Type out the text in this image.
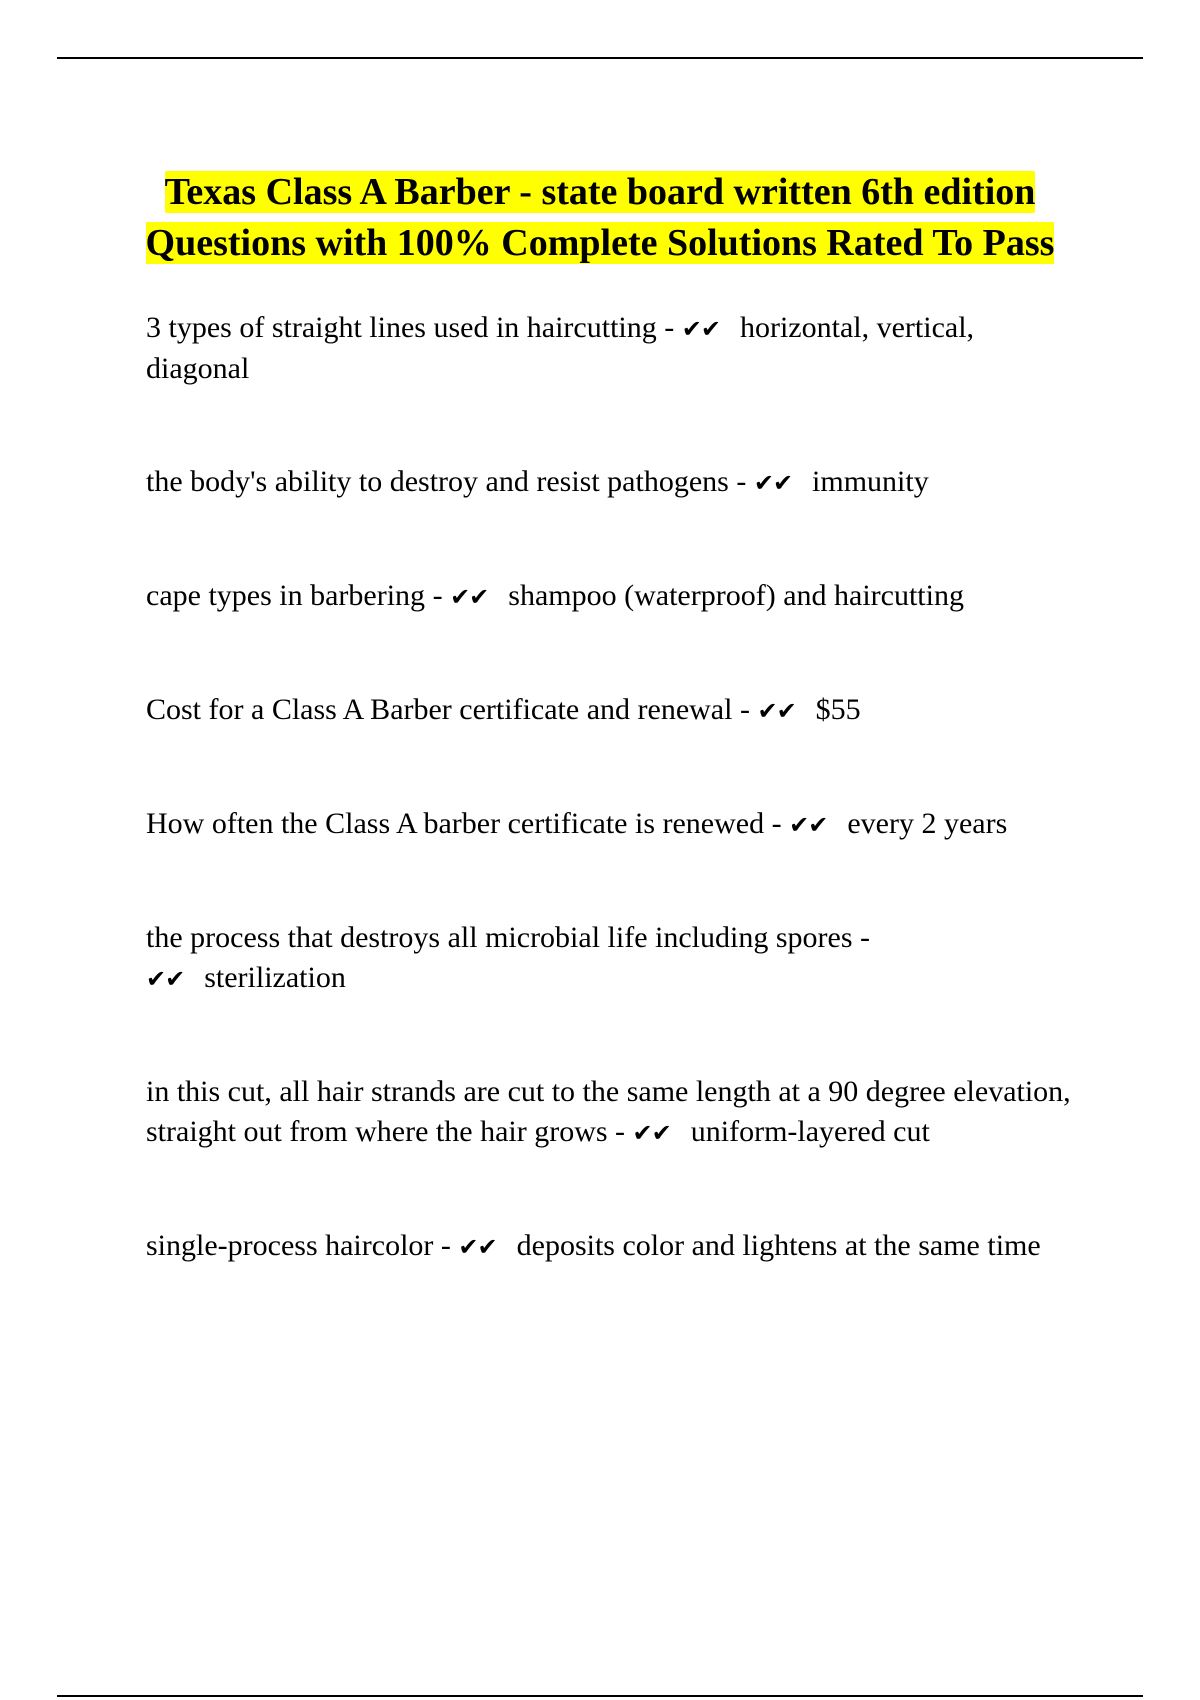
Texas Class A Barber - state board written 6th edition Questions with 100% Complete Solutions Rated To Pass

3 types of straight lines used in haircutting - ✔✔ horizontal, vertical, diagonal

the body's ability to destroy and resist pathogens - ✔✔ immunity

cape types in barbering - ✔✔ shampoo (waterproof) and haircutting

Cost for a Class A Barber certificate and renewal - ✔✔ $55

How often the Class A barber certificate is renewed - ✔✔ every 2 years

the process that destroys all microbial life including spores - ✔✔ sterilization

in this cut, all hair strands are cut to the same length at a 90 degree elevation, straight out from where the hair grows - ✔✔ uniform-layered cut

single-process haircolor - ✔✔ deposits color and lightens at the same time
